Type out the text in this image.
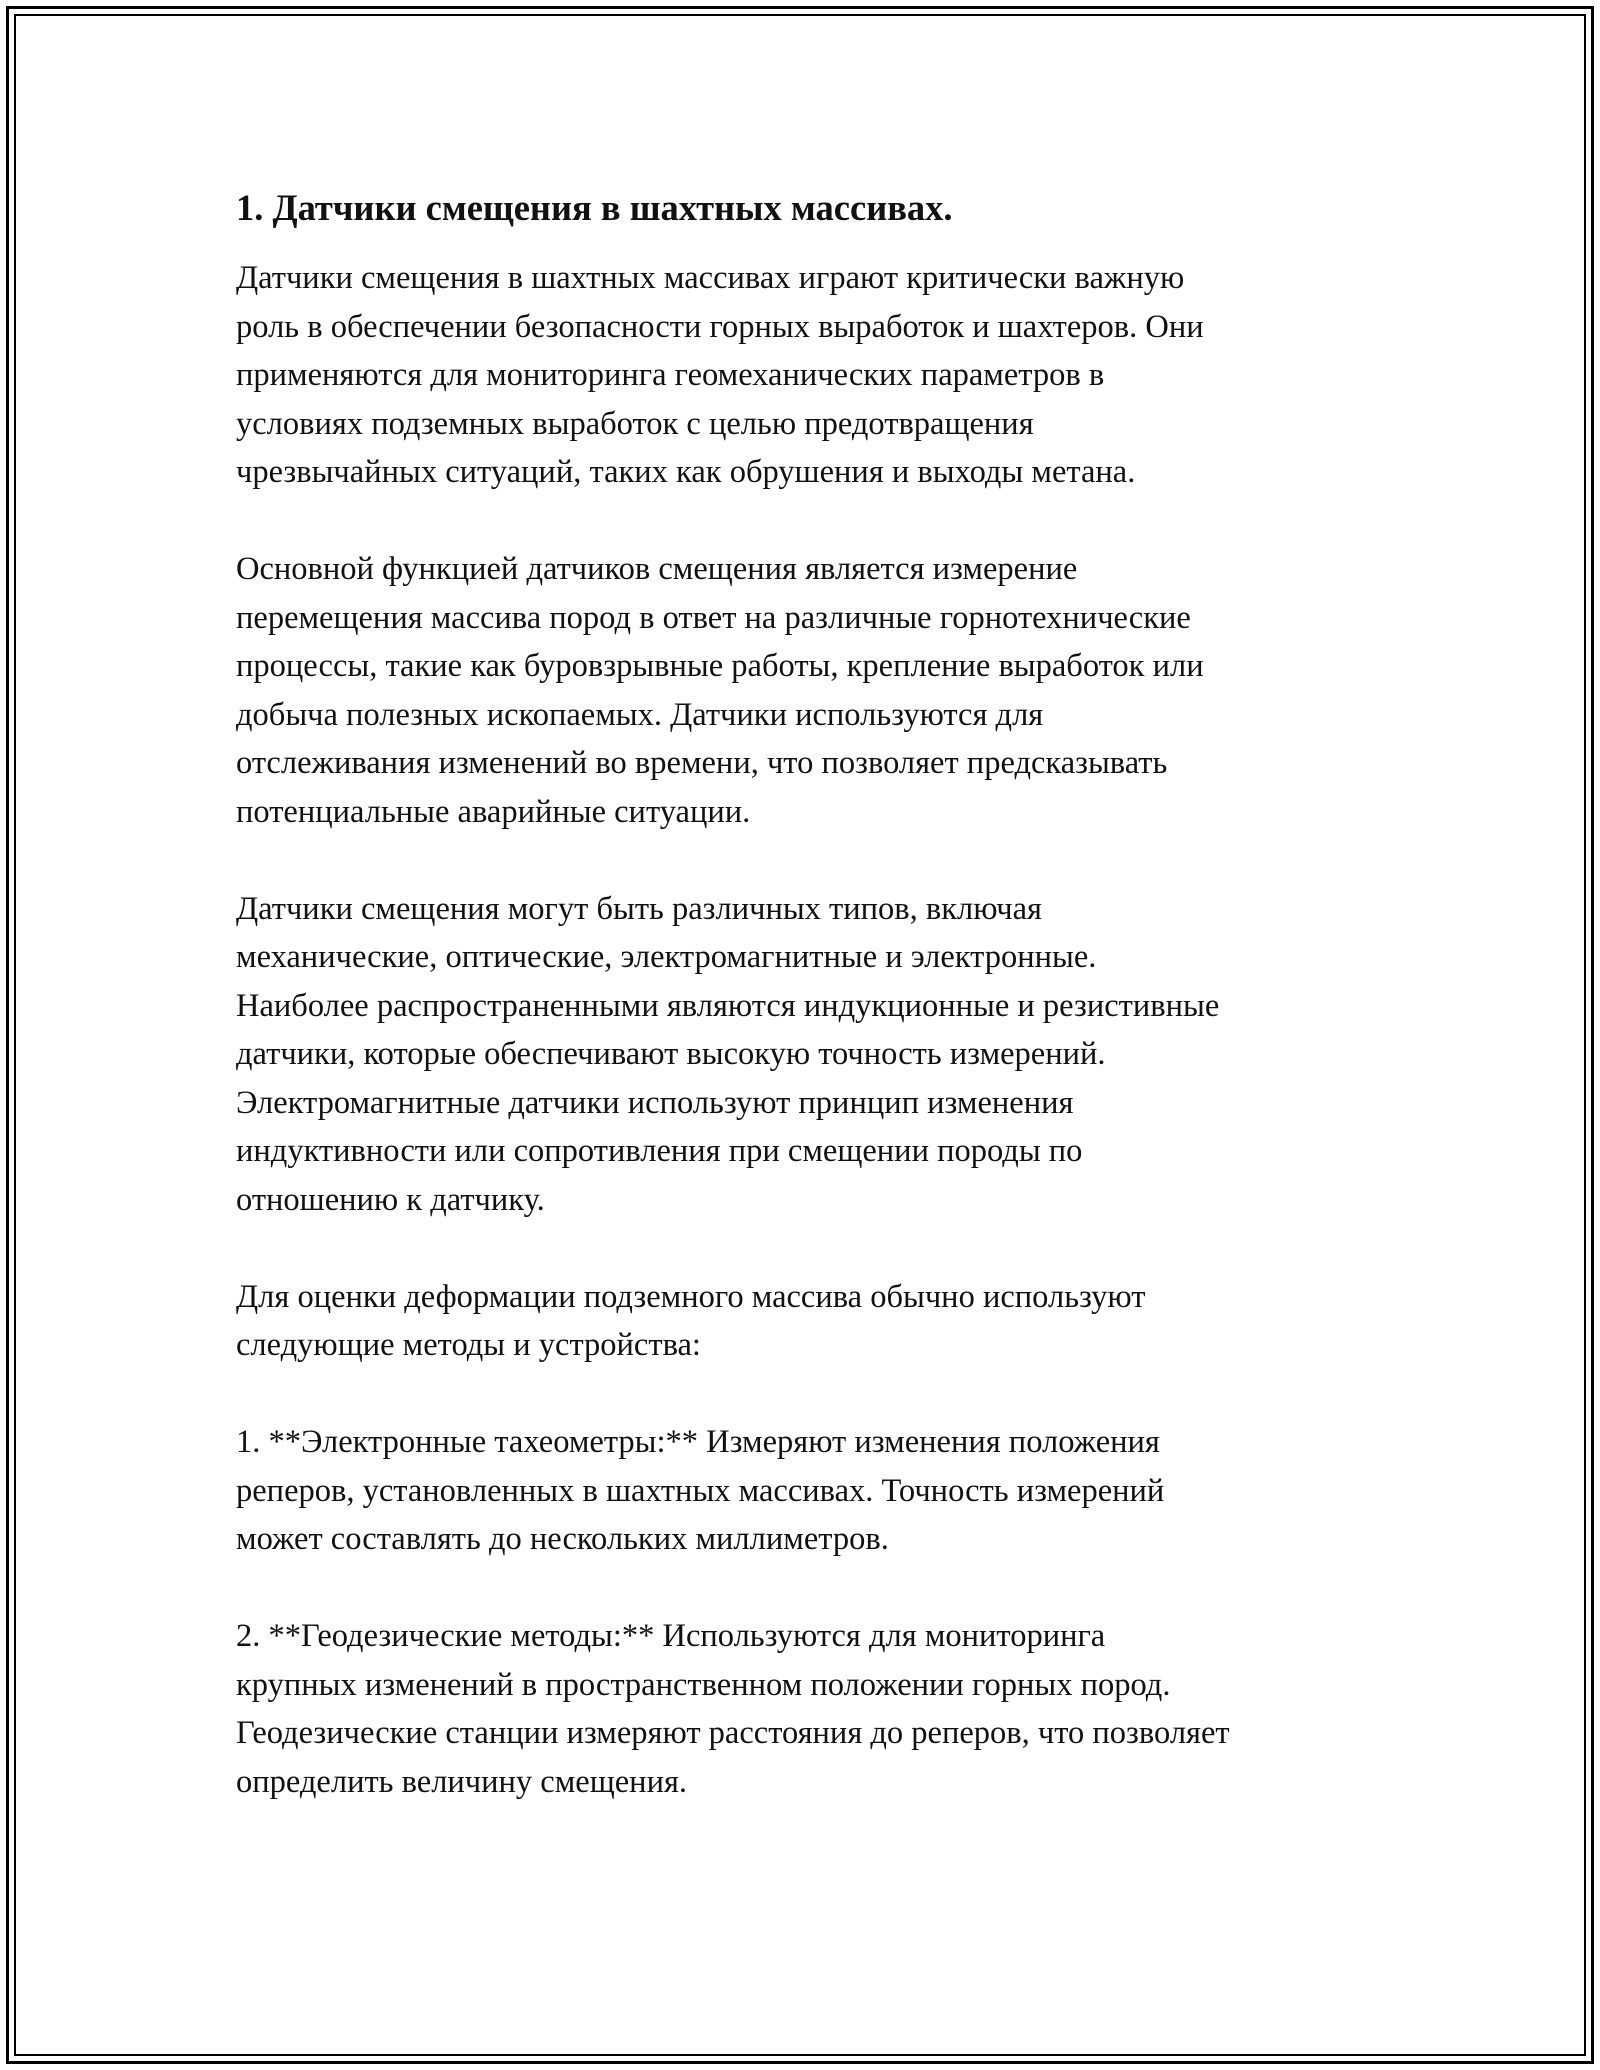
1. Датчики смещения в шахтных массивах.
Датчики смещения в шахтных массивах играют критически важную
роль в обеспечении безопасности горных выработок и шахтеров. Они
применяются для мониторинга геомеханических параметров в
условиях подземных выработок с целью предотвращения
чрезвычайных ситуаций, таких как обрушения и выходы метана.
Основной функцией датчиков смещения является измерение
перемещения массива пород в ответ на различные горнотехнические
процессы, такие как буровзрывные работы, крепление выработок или
добыча полезных ископаемых. Датчики используются для
отслеживания изменений во времени, что позволяет предсказывать
потенциальные аварийные ситуации.
Датчики смещения могут быть различных типов, включая
механические, оптические, электромагнитные и электронные.
Наиболее распространенными являются индукционные и резистивные
датчики, которые обеспечивают высокую точность измерений.
Электромагнитные датчики используют принцип изменения
индуктивности или сопротивления при смещении породы по
отношению к датчику.
Для оценки деформации подземного массива обычно используют
следующие методы и устройства:
1. **Электронные тахеометры:** Измеряют изменения положения
реперов, установленных в шахтных массивах. Точность измерений
может составлять до нескольких миллиметров.
2. **Геодезические методы:** Используются для мониторинга
крупных изменений в пространственном положении горных пород.
Геодезические станции измеряют расстояния до реперов, что позволяет
определить величину смещения.
